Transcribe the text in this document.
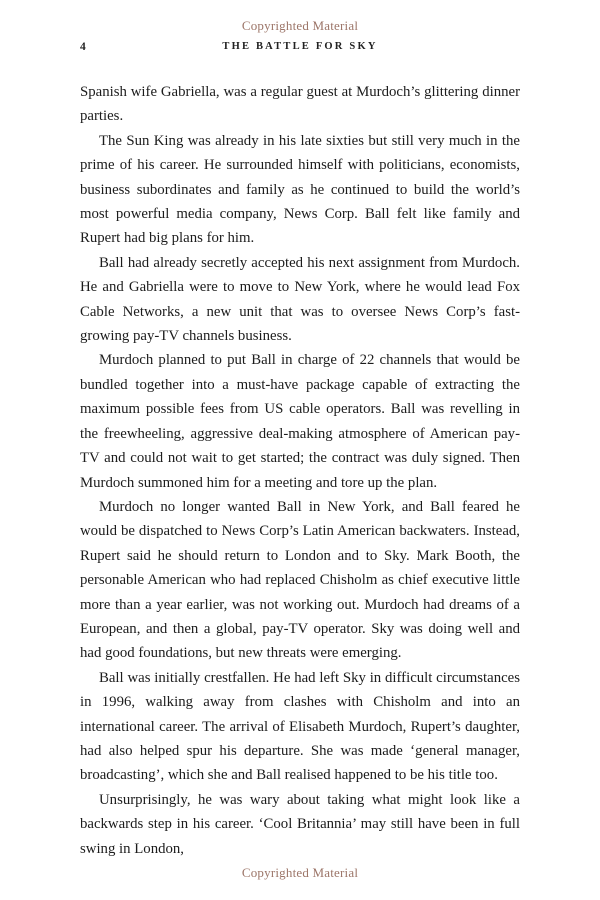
Copyrighted Material
4	THE BATTLE FOR SKY

Spanish wife Gabriella, was a regular guest at Murdoch’s glittering dinner parties.

The Sun King was already in his late sixties but still very much in the prime of his career. He surrounded himself with politicians, economists, business subordinates and family as he continued to build the world’s most powerful media company, News Corp. Ball felt like family and Rupert had big plans for him.

Ball had already secretly accepted his next assignment from Murdoch. He and Gabriella were to move to New York, where he would lead Fox Cable Networks, a new unit that was to oversee News Corp’s fast-growing pay-TV channels business.

Murdoch planned to put Ball in charge of 22 channels that would be bundled together into a must-have package capable of extracting the maximum possible fees from US cable operators. Ball was revelling in the freewheeling, aggressive deal-making atmosphere of American pay-TV and could not wait to get started; the contract was duly signed. Then Murdoch summoned him for a meeting and tore up the plan.

Murdoch no longer wanted Ball in New York, and Ball feared he would be dispatched to News Corp’s Latin American backwaters. Instead, Rupert said he should return to London and to Sky. Mark Booth, the personable American who had replaced Chisholm as chief executive little more than a year earlier, was not working out. Murdoch had dreams of a European, and then a global, pay-TV operator. Sky was doing well and had good foundations, but new threats were emerging.

Ball was initially crestfallen. He had left Sky in difficult circumstances in 1996, walking away from clashes with Chisholm and into an international career. The arrival of Elisabeth Murdoch, Rupert’s daughter, had also helped spur his departure. She was made ‘general manager, broadcasting’, which she and Ball realised happened to be his title too.

Unsurprisingly, he was wary about taking what might look like a backwards step in his career. ‘Cool Britannia’ may still have been in full swing in London,

Copyrighted Material
